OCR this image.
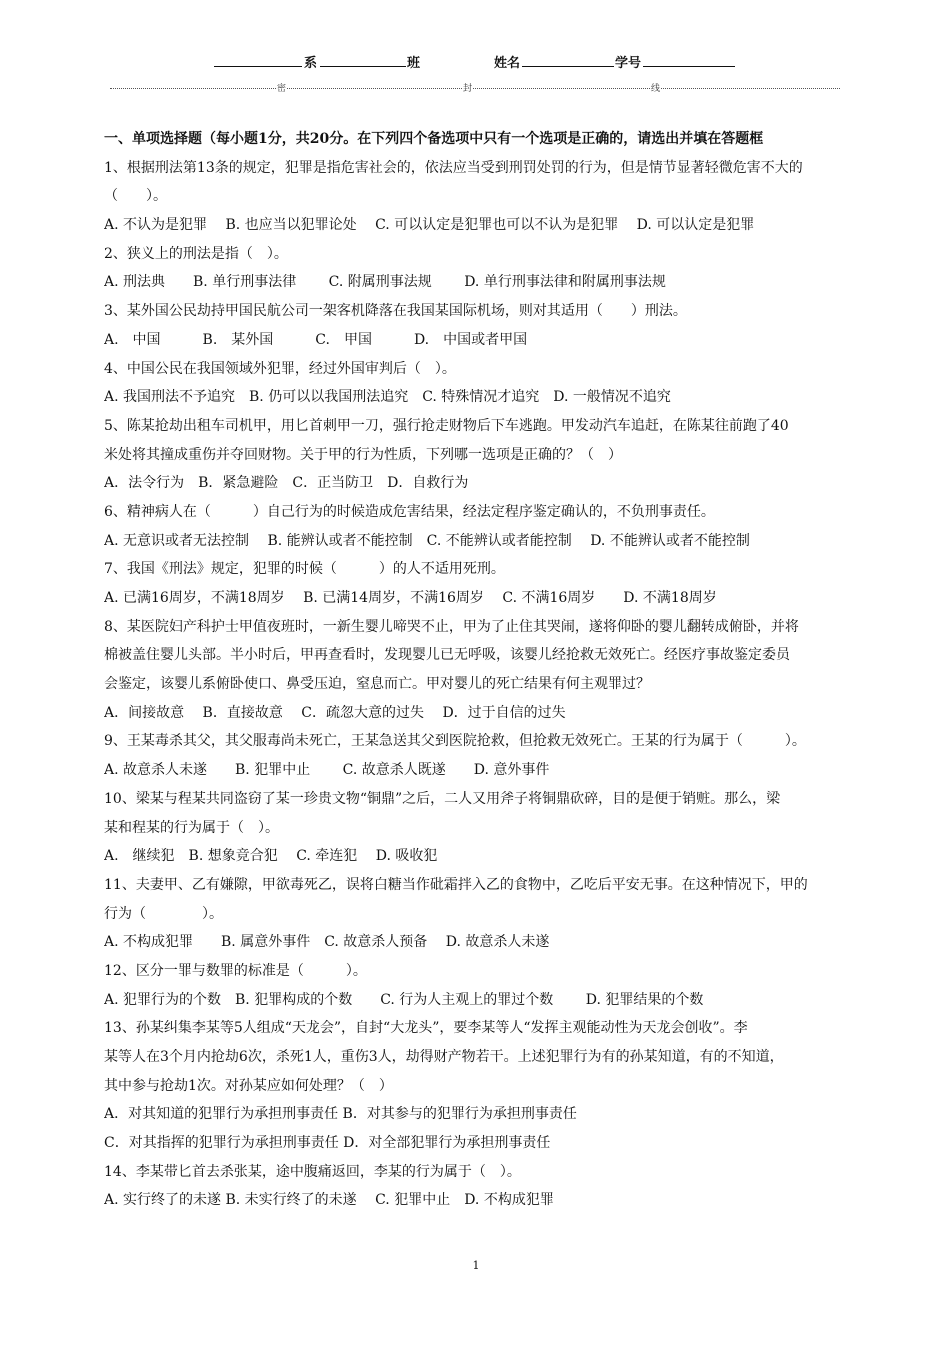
系	班	姓名	学号
密	封	线
一、单项选择题（每小题1分，共20分。在下列四个备选项中只有一个选项是正确的，请选出并填在答题框
1、根据刑法第13条的规定，犯罪是指危害社会的，依法应当受到刑罚处罚的行为，但是情节显著轻微危害不大的
（　　）。
A. 不认为是犯罪　 B. 也应当以犯罪论处　 C. 可以认定是犯罪也可以不认为是犯罪　 D. 可以认定是犯罪
2、狭义上的刑法是指（　）。
A. 刑法典　　B. 单行刑事法律　　 C. 附属刑事法规　　 D. 单行刑事法律和附属刑事法规
3、某外国公民劫持甲国民航公司一架客机降落在我国某国际机场，则对其适用（　　）刑法。
A.　中国　　　B.　某外国　　　C.　甲国　　　D.　中国或者甲国
4、中国公民在我国领域外犯罪，经过外国审判后（　）。
A. 我国刑法不予追究　B. 仍可以以我国刑法追究　C. 特殊情况才追究　D. 一般情况不追究
5、陈某抢劫出租车司机甲，用匕首刺甲一刀，强行抢走财物后下车逃跑。甲发动汽车追赶，在陈某往前跑了40
米处将其撞成重伤并夺回财物。关于甲的行为性质，下列哪一选项是正确的？（　）
A．法令行为　B．紧急避险　C．正当防卫　D．自救行为
6、精神病人在（　　　）自己行为的时候造成危害结果，经法定程序鉴定确认的，不负刑事责任。
A. 无意识或者无法控制　 B. 能辨认或者不能控制　C. 不能辨认或者能控制　 D. 不能辨认或者不能控制
7、我国《刑法》规定，犯罪的时候（　　　）的人不适用死刑。
A. 已满16周岁，不满18周岁　 B. 已满14周岁，不满16周岁　 C. 不满16周岁　　D. 不满18周岁
8、某医院妇产科护士甲值夜班时，一新生婴儿啼哭不止，甲为了止住其哭闹，遂将仰卧的婴儿翻转成俯卧，并将
棉被盖住婴儿头部。半小时后，甲再查看时，发现婴儿已无呼吸，该婴儿经抢救无效死亡。经医疗事故鉴定委员
会鉴定，该婴儿系俯卧使口、鼻受压迫，窒息而亡。甲对婴儿的死亡结果有何主观罪过？
A．间接故意　 B．直接故意　 C．疏忽大意的过失　 D．过于自信的过失
9、王某毒杀其父，其父服毒尚未死亡，王某急送其父到医院抢救，但抢救无效死亡。王某的行为属于（　　　）。
A. 故意杀人未遂　　B. 犯罪中止　　 C. 故意杀人既遂　　D. 意外事件
10、梁某与程某共同盗窃了某一珍贵文物“铜鼎”之后，二人又用斧子将铜鼎砍碎，目的是便于销赃。那么，梁
某和程某的行为属于（　）。
A.　继续犯　B. 想象竞合犯　 C. 牵连犯　 D. 吸收犯
11、夫妻甲、乙有嫌隙，甲欲毒死乙，误将白糖当作砒霜拌入乙的食物中，乙吃后平安无事。在这种情况下，甲的
行为（　　　　）。
A. 不构成犯罪　　B. 属意外事件　C. 故意杀人预备　 D. 故意杀人未遂
12、区分一罪与数罪的标准是（　　　）。
A. 犯罪行为的个数　B. 犯罪构成的个数　　C. 行为人主观上的罪过个数　　 D. 犯罪结果的个数
13、孙某纠集李某等5人组成“天龙会”，自封“大龙头”，要李某等人“发挥主观能动性为天龙会创收”。李
某等人在3个月内抢劫6次，杀死1人，重伤3人，劫得财产物若干。上述犯罪行为有的孙某知道，有的不知道，
其中参与抢劫1次。对孙某应如何处理？（　）
A．对其知道的犯罪行为承担刑事责任 B．对其参与的犯罪行为承担刑事责任
C．对其指挥的犯罪行为承担刑事责任 D．对全部犯罪行为承担刑事责任
14、李某带匕首去杀张某，途中腹痛返回，李某的行为属于（　）。
A. 实行终了的未遂 B. 未实行终了的未遂　 C. 犯罪中止　D. 不构成犯罪
1
